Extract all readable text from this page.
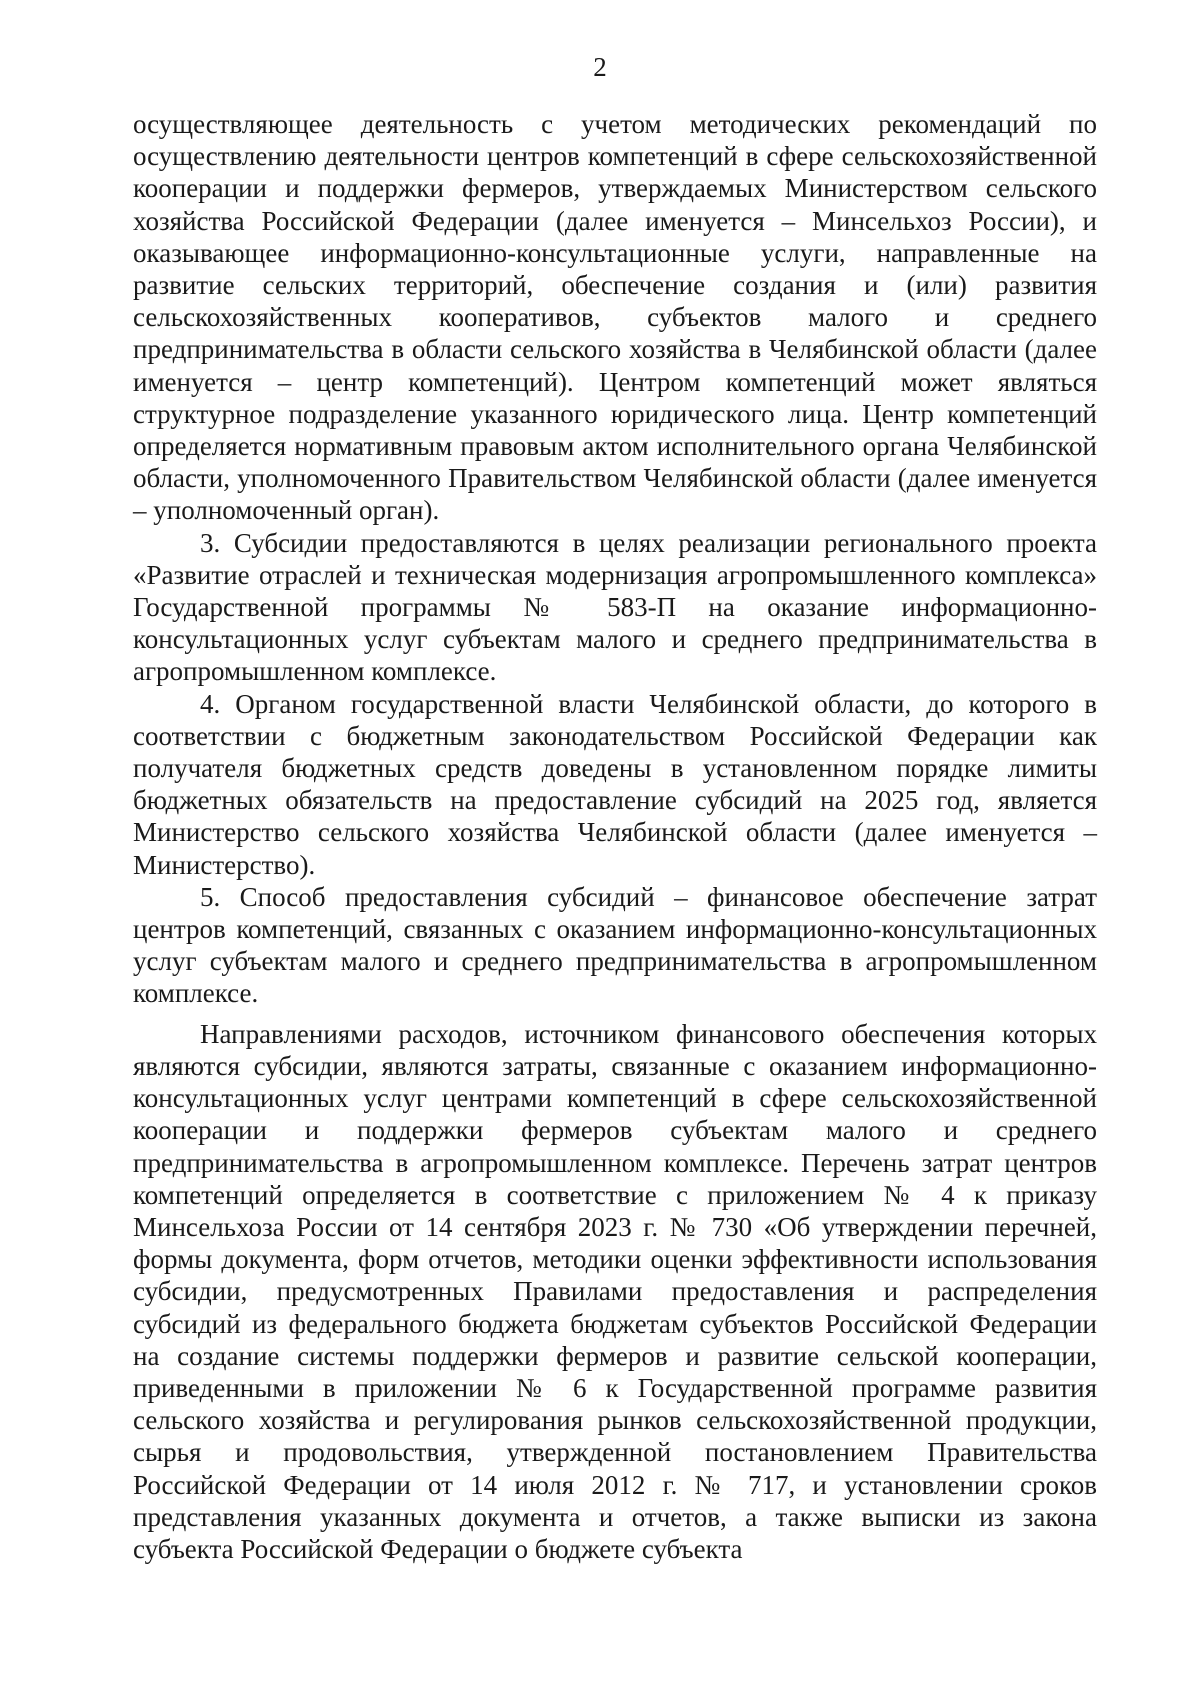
2

осуществляющее деятельность с учетом методических рекомендаций по осуществлению деятельности центров компетенций в сфере сельскохозяйственной кооперации и поддержки фермеров, утверждаемых Министерством сельского хозяйства Российской Федерации (далее именуется – Минсельхоз России), и оказывающее информационно-консультационные услуги, направленные на развитие сельских территорий, обеспечение создания и (или) развития сельскохозяйственных кооперативов, субъектов малого и среднего предпринимательства в области сельского хозяйства в Челябинской области (далее именуется – центр компетенций). Центром компетенций может являться структурное подразделение указанного юридического лица. Центр компетенций определяется нормативным правовым актом исполнительного органа Челябинской области, уполномоченного Правительством Челябинской области (далее именуется – уполномоченный орган).

3. Субсидии предоставляются в целях реализации регионального проекта «Развитие отраслей и техническая модернизация агропромышленного комплекса» Государственной программы № 583-П на оказание информационно-консультационных услуг субъектам малого и среднего предпринимательства в агропромышленном комплексе.

4. Органом государственной власти Челябинской области, до которого в соответствии с бюджетным законодательством Российской Федерации как получателя бюджетных средств доведены в установленном порядке лимиты бюджетных обязательств на предоставление субсидий на 2025 год, является Министерство сельского хозяйства Челябинской области (далее именуется – Министерство).

5. Способ предоставления субсидий – финансовое обеспечение затрат центров компетенций, связанных с оказанием информационно-консультационных услуг субъектам малого и среднего предпринимательства в агропромышленном комплексе.

Направлениями расходов, источником финансового обеспечения которых являются субсидии, являются затраты, связанные с оказанием информационно-консультационных услуг центрами компетенций в сфере сельскохозяйственной кооперации и поддержки фермеров субъектам малого и среднего предпринимательства в агропромышленном комплексе. Перечень затрат центров компетенций определяется в соответствие с приложением № 4 к приказу Минсельхоза России от 14 сентября 2023 г. № 730 «Об утверждении перечней, формы документа, форм отчетов, методики оценки эффективности использования субсидии, предусмотренных Правилами предоставления и распределения субсидий из федерального бюджета бюджетам субъектов Российской Федерации на создание системы поддержки фермеров и развитие сельской кооперации, приведенными в приложении № 6 к Государственной программе развития сельского хозяйства и регулирования рынков сельскохозяйственной продукции, сырья и продовольствия, утвержденной постановлением Правительства Российской Федерации от 14 июля 2012 г. № 717, и установлении сроков представления указанных документа и отчетов, а также выписки из закона субъекта Российской Федерации о бюджете субъекта
